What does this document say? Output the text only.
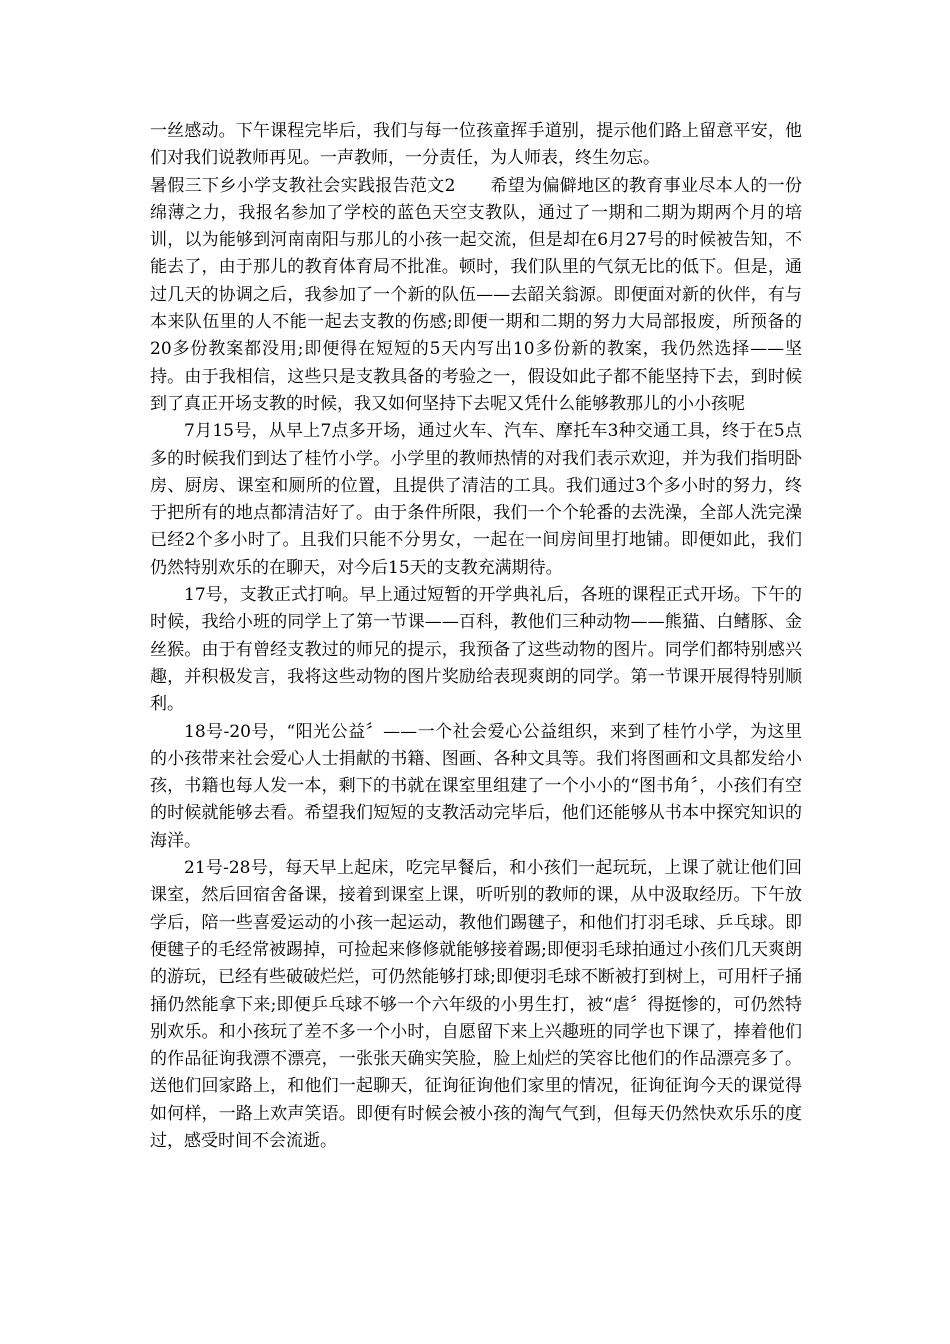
一丝感动。下午课程完毕后，我们与每一位孩童挥手道别，提示他们路上留意平安，他们对我们说教师再见。一声教师，一分责任，为人师表，终生勿忘。

暑假三下乡小学支教社会实践报告范文2　　希望为偏僻地区的教育事业尽本人的一份绵薄之力，我报名参加了学校的蓝色天空支教队，通过了一期和二期为期两个月的培训，以为能够到河南南阳与那儿的小孩一起交流，但是却在6月27号的时候被告知，不能去了，由于那儿的教育体育局不批准。顿时，我们队里的气氛无比的低下。但是，通过几天的协调之后，我参加了一个新的队伍——去韶关翁源。即便面对新的伙伴，有与本来队伍里的人不能一起去支教的伤感;即便一期和二期的努力大局部报废，所预备的20多份教案都没用;即便得在短短的5天内写出10多份新的教案，我仍然选择——坚持。由于我相信，这些只是支教具备的考验之一，假设如此子都不能坚持下去，到时候到了真正开场支教的时候，我又如何坚持下去呢又凭什么能够教那儿的小小孩呢

7月15号，从早上7点多开场，通过火车、汽车、摩托车3种交通工具，终于在5点多的时候我们到达了桂竹小学。小学里的教师热情的对我们表示欢迎，并为我们指明卧房、厨房、课室和厕所的位置，且提供了清洁的工具。我们通过3个多小时的努力，终于把所有的地点都清洁好了。由于条件所限，我们一个个轮番的去洗澡，全部人洗完澡已经2个多小时了。且我们只能不分男女，一起在一间房间里打地铺。即便如此，我们仍然特别欢乐的在聊天，对今后15天的支教充满期待。

17号，支教正式打响。早上通过短暂的开学典礼后，各班的课程正式开场。下午的时候，我给小班的同学上了第一节课——百科，教他们三种动物——熊猫、白鳍豚、金丝猴。由于有曾经支教过的师兄的提示，我预备了这些动物的图片。同学们都特别感兴趣，并积极发言，我将这些动物的图片奖励给表现爽朗的同学。第一节课开展得特别顺利。

18号-20号，“阳光公益〞——一个社会爱心公益组织，来到了桂竹小学，为这里的小孩带来社会爱心人士捐献的书籍、图画、各种文具等。我们将图画和文具都发给小孩，书籍也每人发一本，剩下的书就在课室里组建了一个小小的“图书角〞，小孩们有空的时候就能够去看。希望我们短短的支教活动完毕后，他们还能够从书本中探究知识的海洋。

21号-28号，每天早上起床，吃完早餐后，和小孩们一起玩玩，上课了就让他们回课室，然后回宿舍备课，接着到课室上课，听听别的教师的课，从中汲取经历。下午放学后，陪一些喜爱运动的小孩一起运动，教他们踢毽子，和他们打羽毛球、乒乓球。即便毽子的毛经常被踢掉，可捡起来修修就能够接着踢;即便羽毛球拍通过小孩们几天爽朗的游玩，已经有些破破烂烂，可仍然能够打球;即便羽毛球不断被打到树上，可用杆子捅捅仍然能拿下来;即便乒乓球不够一个六年级的小男生打，被“虐〞得挺惨的，可仍然特别欢乐。和小孩玩了差不多一个小时，自愿留下来上兴趣班的同学也下课了，捧着他们的作品征询我漂不漂亮，一张张天确实笑脸，脸上灿烂的笑容比他们的作品漂亮多了。送他们回家路上，和他们一起聊天，征询征询他们家里的情况，征询征询今天的课觉得如何样，一路上欢声笑语。即便有时候会被小孩的淘气气到，但每天仍然快欢乐乐的度过，感受时间不会流逝。
